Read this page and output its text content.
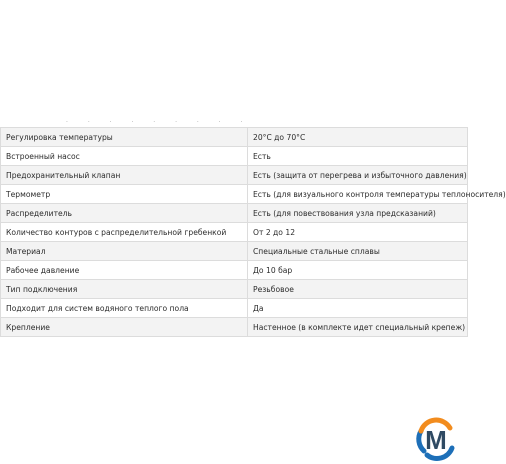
. . . . . . . . .
Регулировка температуры	20°С до 70°С
Встроенный насос	Есть
Предохранительный клапан	Есть (защита от перегрева и избыточного давления)
Термометр	Есть (для визуального контроля температуры теплоносителя)
Распределитель	Есть (для повествования узла предсказаний)
Количество контуров с распределительной гребенкой	От 2 до 12
Материал	Специальные стальные сплавы
Рабочее давление	До 10 бар
Тип подключения	Резьбовое
Подходит для систем водяного теплого пола	Да
Крепление	Настенное (в комплекте идет специальный крепеж)
M
